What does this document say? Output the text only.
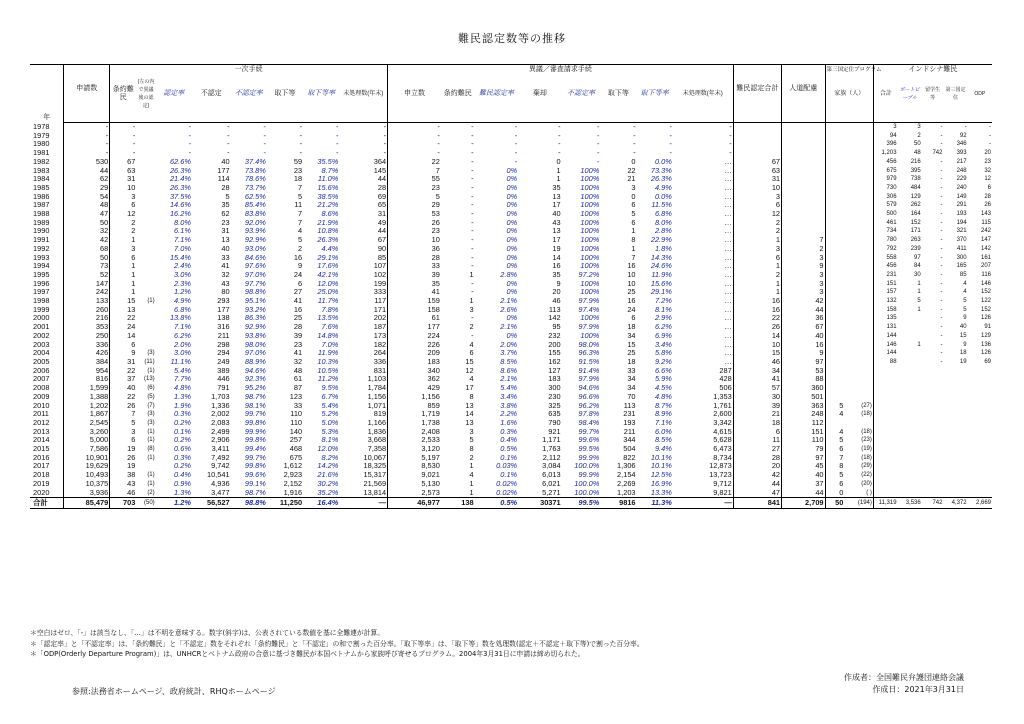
難民認定数等の推移
年	申請数	一次手続								異議／審査請求手続								難民認定合計	人道配慮	第三国定住プログラム		インドシナ難民				
		条約難民	(左の内で異議後の認定)	認定率	不認定	不認定率	取下等	取下等率	未処理数(年末)	申立数	条約難民	難民認定率	棄却	不認定率	取下等	取下等率	未処理数(年末)			家族（人）		合計	ボートピープル	留学生等	第三国定住	ODP

1978	-	-		-	-	-	-	-	-	-	-	-	-	-	-	-	-					3	3	-	-	-
1979	-	-		-	-	-	-	-	-	-	-	-	-	-	-	-	-					94	2	-	92	-
1980	-	-		-	-	-	-	-	-	-	-	-	-	-	-	-	-					396	50	-	346	-
1981	-	-		-	-	-	-	-	-	-	-	-	-	-	-	-	-					1,203	48	742	393	20
1982	530	67		62.6%	40	37.4%	59	35.5%	364	22	-	-	0	-	0	0.0%	…	67				456	216	-	217	23
1983	44	63		26.3%	177	73.8%	23	8.7%	145	7	-	0%	1	100%	22	73.3%	…	63				675	395	-	248	32
1984	62	31		21.4%	114	78.6%	18	11.0%	44	55	-	0%	1	100%	21	26.3%	…	31				979	738	-	229	12
1985	29	10		26.3%	28	73.7%	7	15.6%	28	23	-	0%	35	100%	3	4.9%	…	10				730	484	-	240	6
1986	54	3		37.5%	5	62.5%	5	38.5%	69	5	-	0%	13	100%	0	0.0%	…	3				306	129	-	149	28
1987	48	6		14.6%	35	85.4%	11	21.2%	65	29	-	0%	17	100%	6	11.5%	…	6				579	262	-	291	26
1988	47	12		16.2%	62	83.8%	7	8.6%	31	53	-	0%	40	100%	5	6.8%	…	12				500	164	-	193	143
1989	50	2		8.0%	23	92.0%	7	21.9%	49	26	-	0%	43	100%	6	8.0%	…	2				461	152	-	194	115
1990	32	2		6.1%	31	93.9%	4	10.8%	44	23	-	0%	13	100%	1	2.8%	…	2				734	171	-	321	242
1991	42	1		7.1%	13	92.9%	5	26.3%	67	10	-	0%	17	100%	8	22.9%	…	1	7			780	263	-	370	147
1992	68	3		7.0%	40	93.0%	2	4.4%	90	36	-	0%	19	100%	1	1.8%	…	3	2			792	239	-	411	142
1993	50	6		15.4%	33	84.6%	16	29.1%	85	28	-	0%	14	100%	7	14.3%	…	6	3			558	97	-	300	161
1994	73	1		2.4%	41	97.6%	9	17.6%	107	33	-	0%	16	100%	16	24.6%	…	1	9			456	84	-	165	207
1995	52	1		3.0%	32	97.0%	24	42.1%	102	39	1	2.8%	35	97.2%	10	11.9%	…	2	3			231	30	-	85	116
1996	147	1		2.3%	43	97.7%	6	12.0%	199	35	-	0%	9	100%	10	15.6%	…	1	3			151	1	-	4	146
1997	242	1		1.2%	80	98.8%	27	25.0%	333	41	-	0%	20	100%	25	29.1%	…	1	3			157	1	-	4	152
1998	133	15	(1)	4.9%	293	95.1%	41	11.7%	117	159	1	2.1%	46	97.9%	16	7.2%	…	16	42			132	5	-	5	122
1999	260	13		6.8%	177	93.2%	16	7.8%	171	158	3	2.6%	113	97.4%	24	8.1%	…	16	44			158	1	-	5	152
2000	216	22		13.8%	138	86.3%	25	13.5%	202	61	-	0%	142	100%	6	2.9%	…	22	36			135		-	9	126
2001	353	24		7.1%	316	92.9%	28	7.6%	187	177	2	2.1%	95	97.9%	18	6.2%	…	26	67			131		-	40	91
2002	250	14		6.2%	211	93.8%	39	14.8%	173	224	-	0%	232	100%	34	6.9%	…	14	40			144		-	15	129
2003	336	6		2.0%	298	98.0%	23	7.0%	182	226	4	2.0%	200	98.0%	15	3.4%	…	10	16			146	1	-	9	136
2004	426	9	(3)	3.0%	294	97.0%	41	11.9%	264	209	6	3.7%	155	96.3%	25	5.8%	…	15	9			144		-	18	126
2005	384	31	(11)	11.1%	249	88.9%	32	10.3%	336	183	15	8.5%	162	91.5%	18	9.2%	…	46	97			88		-	19	69
2006	954	22	(1)	5.4%	389	94.6%	48	10.5%	831	340	12	8.6%	127	91.4%	33	6.6%	287	34	53							
2007	816	37	(13)	7.7%	446	92.3%	61	11.2%	1,103	362	4	2.1%	183	97.9%	34	5.9%	428	41	88							
2008	1,599	40	(6)	4.8%	791	95.2%	87	9.5%	1,784	429	17	5.4%	300	94.6%	34	4.5%	506	57	360							
2009	1,388	22	(5)	1.3%	1,703	98.7%	123	6.7%	1,156	1,156	8	3.4%	230	96.6%	70	4.8%	1,353	30	501							
2010	1,202	26	(7)	1.9%	1,336	98.1%	33	5.4%	1,071	859	13	3.8%	325	96.2%	113	8.7%	1,761	39	363	5	(27)					
2011	1,867	7	(3)	0.3%	2,002	99.7%	110	5.2%	819	1,719	14	2.2%	635	97.8%	231	8.9%	2,600	21	248	4	(18)					
2012	2,545	5	(3)	0.2%	2,083	99.8%	110	5.0%	1,166	1,738	13	1.6%	790	98.4%	193	7.1%	3,342	18	112							
2013	3,260	3	(1)	0.1%	2,499	99.9%	140	5.3%	1,836	2,408	3	0.3%	921	99.7%	211	6.0%	4,615	6	151	4	(18)					
2014	5,000	6	(1)	0.2%	2,906	99.8%	257	8.1%	3,668	2,533	5	0.4%	1,171	99.6%	344	8.5%	5,628	11	110	5	(23)					
2015	7,586	19	(8)	0.6%	3,411	99.4%	468	12.0%	7,358	3,120	8	0.5%	1,763	99.5%	504	9.4%	6,473	27	79	6	(19)					
2016	10,901	26	(1)	0.3%	7,492	99.7%	675	8.2%	10,067	5,197	2	0.1%	2,112	99.9%	822	10.1%	8,734	28	97	7	(18)					
2017	19,629	19		0.2%	9,742	99.8%	1,612	14.2%	18,325	8,530	1	0.03%	3,084	100.0%	1,306	10.1%	12,873	20	45	8	(29)					
2018	10,493	38	(1)	0.4%	10,541	99.6%	2,923	21.6%	15,317	9,021	4	0.1%	6,013	99.9%	2,154	12.5%	13,723	42	40	5	(22)					
2019	10,375	43	(1)	0.9%	4,936	99.1%	2,152	30.2%	21,569	5,130	1	0.02%	6,021	100.0%	2,269	16.9%	9,712	44	37	6	(20)					
2020	3,936	46	(2)	1.3%	3,477	98.7%	1,916	35.2%	13,814	2,573	1	0.02%	5,271	100.0%	1,203	13.3%	9,821	47	44	0	( )					
合計	85,479	703	(50)	1.2%	56,527	98.8%	11,250	16.4%	—	46,977	138	0.5%	30371	99.5%	9816	11.3%	—	841	2,709	50	(194)	11,319	3,536	742	4,372	2,669
＊空白はゼロ、「-」は該当なし、「…」は不明を意味する。数字(斜字)は、公表されている数値を基に全難連が計算。
＊「認定率」と「不認定率」は、「条約難民」と「不認定」数をそれぞれ「条約難民」と「不認定」の和で割った百分率。「取下等率」は、「取下等」数を処理数(認定＋不認定＋取下等)で割った百分率。
＊「ODP(Orderly Departure Program)」は、UNHCRとベトナム政府の合意に基づき難民が本国ベトナムから家族呼び寄せるプログラム。2004年3月31日に申請は締め切られた。
参照:法務省ホームページ、政府統計、RHQホームページ
作成者：全国難民弁護団連絡会議
作成日：2021年3月31日
